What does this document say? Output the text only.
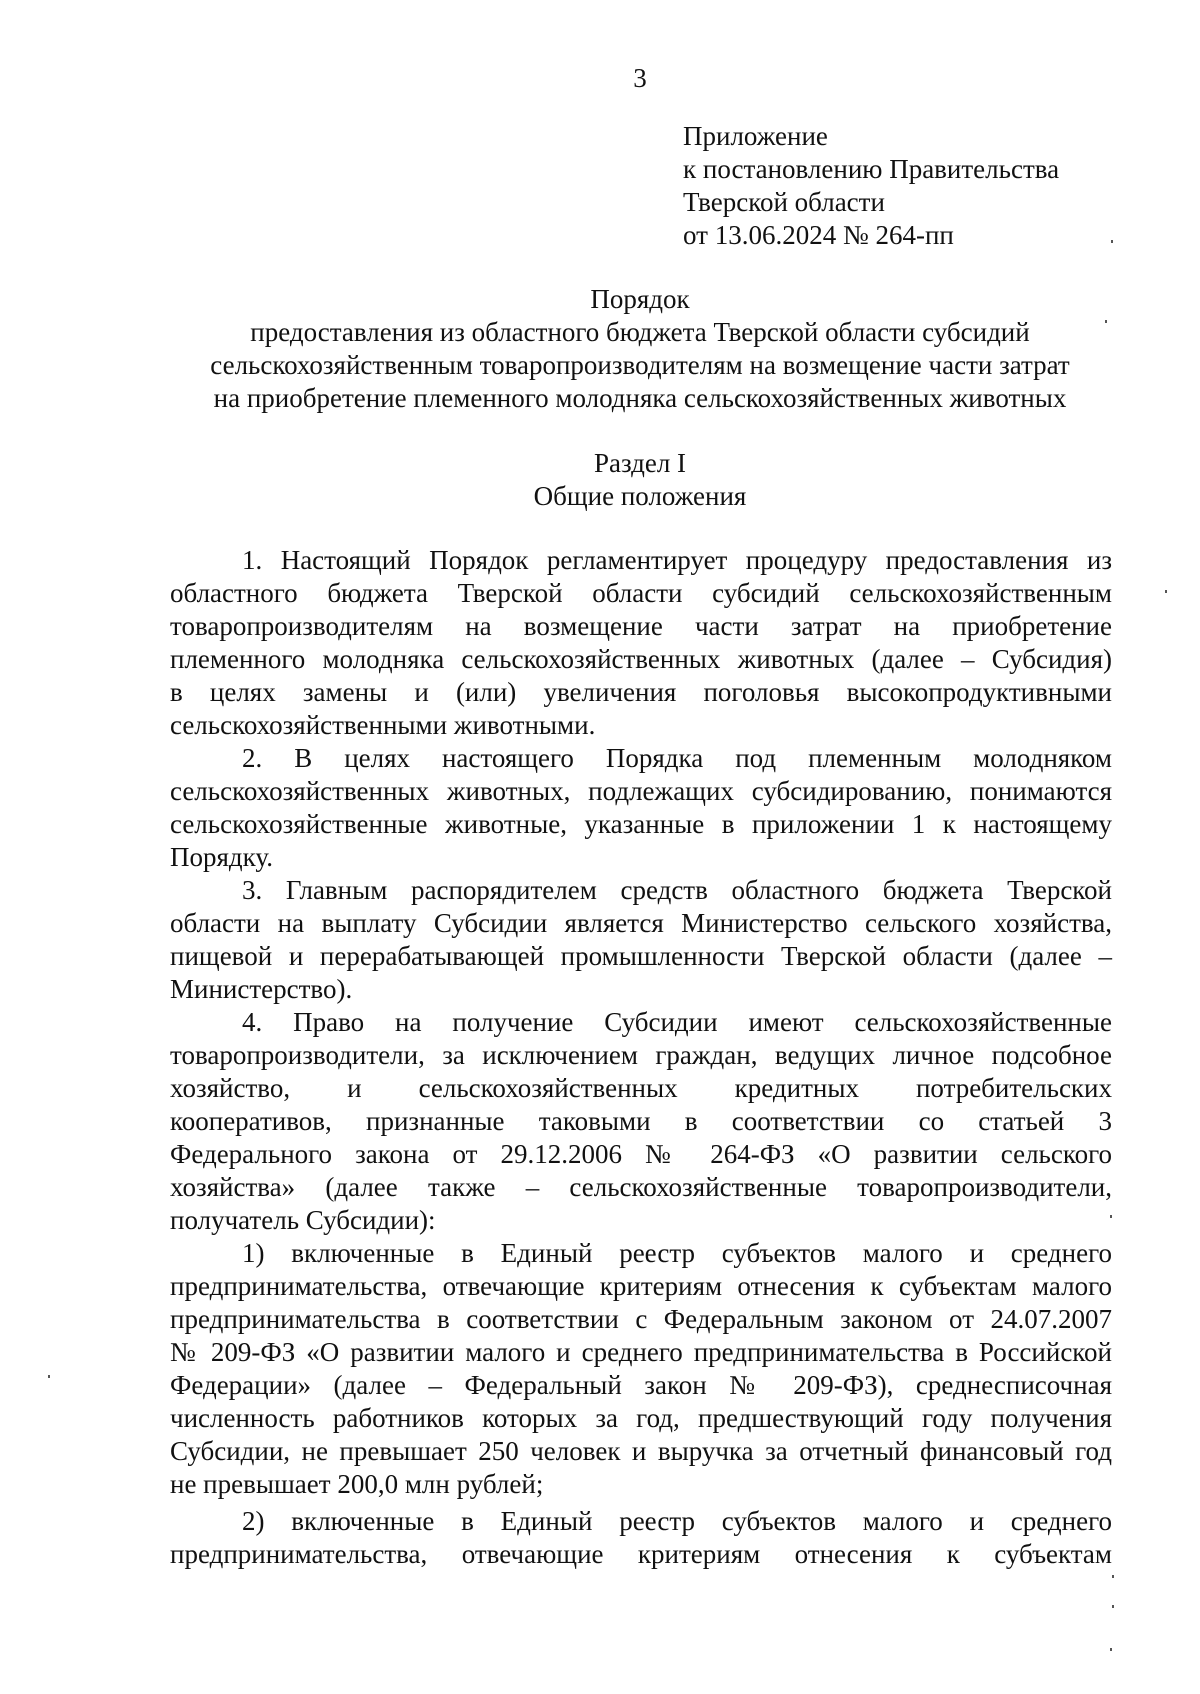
3
Приложение
к постановлению Правительства
Тверской области
от 13.06.2024 № 264-пп
Порядок
предоставления из областного бюджета Тверской области субсидий
сельскохозяйственным товаропроизводителям на возмещение части затрат
на приобретение племенного молодняка сельскохозяйственных животных
Раздел I
Общие положения
1. Настоящий Порядок регламентирует процедуру предоставления из
областного бюджета Тверской области субсидий сельскохозяйственным
товаропроизводителям на возмещение части затрат на приобретение
племенного молодняка сельскохозяйственных животных (далее – Субсидия)
в целях замены и (или) увеличения поголовья высокопродуктивными
сельскохозяйственными животными.
2. В целях настоящего Порядка под племенным молодняком
сельскохозяйственных животных, подлежащих субсидированию, понимаются
сельскохозяйственные животные, указанные в приложении 1 к настоящему
Порядку.
3. Главным распорядителем средств областного бюджета Тверской
области на выплату Субсидии является Министерство сельского хозяйства,
пищевой и перерабатывающей промышленности Тверской области (далее –
Министерство).
4. Право на получение Субсидии имеют сельскохозяйственные
товаропроизводители, за исключением граждан, ведущих личное подсобное
хозяйство, и сельскохозяйственных кредитных потребительских
кооперативов, признанные таковыми в соответствии со статьей 3
Федерального закона от 29.12.2006 № 264-ФЗ «О развитии сельского
хозяйства» (далее также – сельскохозяйственные товаропроизводители,
получатель Субсидии):
1) включенные в Единый реестр субъектов малого и среднего
предпринимательства, отвечающие критериям отнесения к субъектам малого
предпринимательства в соответствии с Федеральным законом от 24.07.2007
№ 209-ФЗ «О развитии малого и среднего предпринимательства в Российской
Федерации» (далее – Федеральный закон № 209-ФЗ), среднесписочная
численность работников которых за год, предшествующий году получения
Субсидии, не превышает 250 человек и выручка за отчетный финансовый год
не превышает 200,0 млн рублей;
2) включенные в Единый реестр субъектов малого и среднего
предпринимательства, отвечающие критериям отнесения к субъектам
